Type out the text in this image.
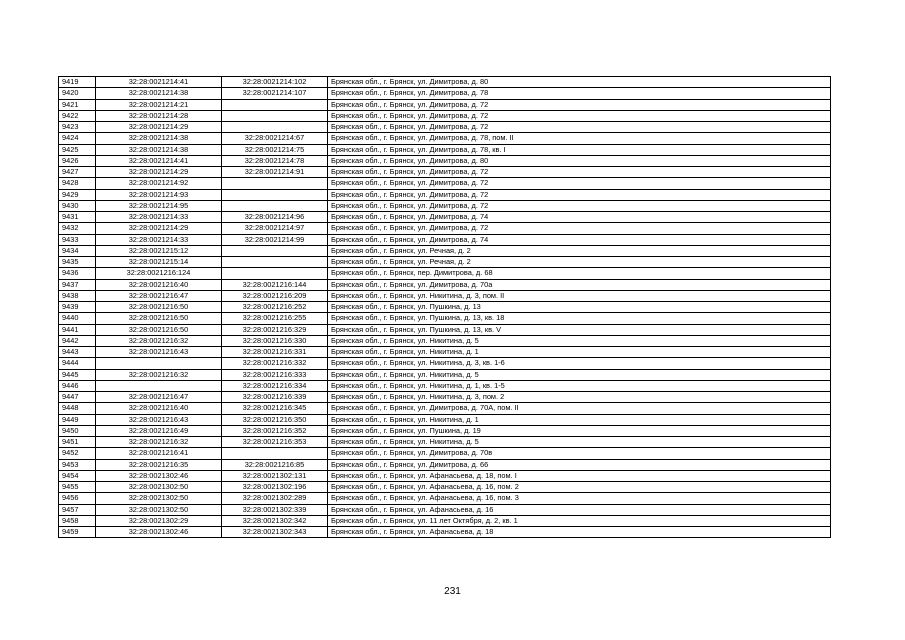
9419	32:28:0021214:41	32:28:0021214:102	Брянская обл., г. Брянск, ул. Димитрова, д. 80
9420	32:28:0021214:38	32:28:0021214:107	Брянская обл., г. Брянск, ул. Димитрова, д. 78
9421	32:28:0021214:21		Брянская обл., г. Брянск, ул. Димитрова, д. 72
9422	32:28:0021214:28		Брянская обл., г. Брянск, ул. Димитрова, д. 72
9423	32:28:0021214:29		Брянская обл., г. Брянск, ул. Димитрова, д. 72
9424	32:28:0021214:38	32:28:0021214:67	Брянская обл., г. Брянск, ул. Димитрова, д. 78, пом. II
9425	32:28:0021214:38	32:28:0021214:75	Брянская обл., г. Брянск, ул. Димитрова, д. 78, кв. I
9426	32:28:0021214:41	32:28:0021214:78	Брянская обл., г. Брянск, ул. Димитрова, д. 80
9427	32:28:0021214:29	32:28:0021214:91	Брянская обл., г. Брянск, ул. Димитрова, д. 72
9428	32:28:0021214:92		Брянская обл., г. Брянск, ул. Димитрова, д. 72
9429	32:28:0021214:93		Брянская обл., г. Брянск, ул. Димитрова, д. 72
9430	32:28:0021214:95		Брянская обл., г. Брянск, ул. Димитрова, д. 72
9431	32:28:0021214:33	32:28:0021214:96	Брянская обл., г. Брянск, ул. Димитрова, д. 74
9432	32:28:0021214:29	32:28:0021214:97	Брянская обл., г. Брянск, ул. Димитрова, д. 72
9433	32:28:0021214:33	32:28:0021214:99	Брянская обл., г. Брянск, ул. Димитрова, д. 74
9434	32:28:0021215:12		Брянская обл., г. Брянск, ул. Речная, д. 2
9435	32:28:0021215:14		Брянская обл., г. Брянск, ул. Речная, д. 2
9436	32:28:0021216:124		Брянская обл., г. Брянск, пер. Димитрова, д. 68
9437	32:28:0021216:40	32:28:0021216:144	Брянская обл., г. Брянск, ул. Димитрова, д. 70а
9438	32:28:0021216:47	32:28:0021216:209	Брянская обл., г. Брянск, ул. Никитина, д. 3, пом. II
9439	32:28:0021216:50	32:28:0021216:252	Брянская обл., г. Брянск, ул. Пушкина, д. 13
9440	32:28:0021216:50	32:28:0021216:255	Брянская обл., г. Брянск, ул. Пушкина, д. 13, кв. 18
9441	32:28:0021216:50	32:28:0021216:329	Брянская обл., г. Брянск, ул. Пушкина, д. 13, кв. V
9442	32:28:0021216:32	32:28:0021216:330	Брянская обл., г. Брянск, ул. Никитина, д. 5
9443	32:28:0021216:43	32:28:0021216:331	Брянская обл., г. Брянск, ул. Никитина, д. 1
9444		32:28:0021216:332	Брянская обл., г. Брянск, ул. Никитина, д. 3, кв. 1-6
9445	32:28:0021216:32	32:28:0021216:333	Брянская обл., г. Брянск, ул. Никитина, д. 5
9446		32:28:0021216:334	Брянская обл., г. Брянск, ул. Никитина, д. 1, кв. 1-5
9447	32:28:0021216:47	32:28:0021216:339	Брянская обл., г. Брянск, ул. Никитина, д. 3, пом. 2
9448	32:28:0021216:40	32:28:0021216:345	Брянская обл., г. Брянск, ул. Димитрова, д. 70А, пом. II
9449	32:28:0021216:43	32:28:0021216:350	Брянская обл., г. Брянск, ул. Никитина, д. 1
9450	32:28:0021216:49	32:28:0021216:352	Брянская обл., г. Брянск, ул. Пушкина, д. 19
9451	32:28:0021216:32	32:28:0021216:353	Брянская обл., г. Брянск, ул. Никитина, д. 5
9452	32:28:0021216:41		Брянская обл., г. Брянск, ул. Димитрова, д. 70в
9453	32:28:0021216:35	32:28:0021216:85	Брянская обл., г. Брянск, ул. Димитрова, д. 66
9454	32:28:0021302:46	32:28:0021302:131	Брянская обл., г. Брянск, ул. Афанасьева, д. 18, пом. I
9455	32:28:0021302:50	32:28:0021302:196	Брянская обл., г. Брянск, ул. Афанасьева, д. 16, пом. 2
9456	32:28:0021302:50	32:28:0021302:289	Брянская обл., г. Брянск, ул. Афанасьева, д. 16, пом. 3
9457	32:28:0021302:50	32:28:0021302:339	Брянская обл., г. Брянск, ул. Афанасьева, д. 16
9458	32:28:0021302:29	32:28:0021302:342	Брянская обл., г. Брянск, ул. 11 лет Октября, д. 2, кв. 1
9459	32:28:0021302:46	32:28:0021302:343	Брянская обл., г. Брянск, ул. Афанасьева, д. 18
231
